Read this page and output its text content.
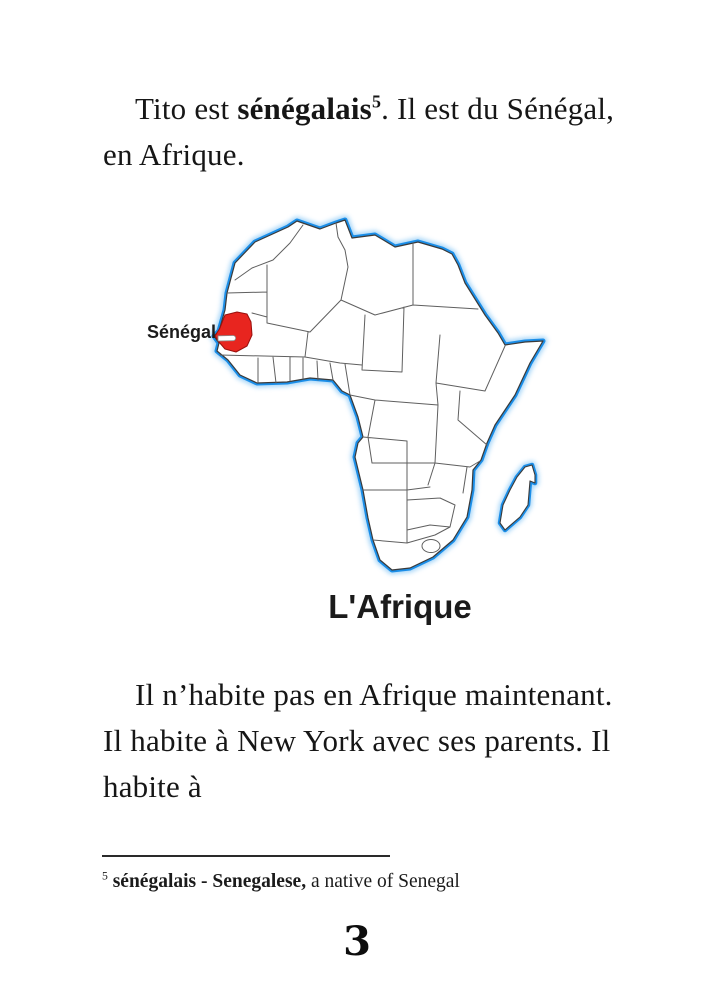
Tito est sénégalais$^5$. Il est du Sénégal, en Afrique.
Sénégal
L'Afrique
Il n’habite pas en Afrique maintenant. Il habite à New York avec ses parents. Il habite à
$^5$ sénégalais - Senegalese, a native of Senegal
3
